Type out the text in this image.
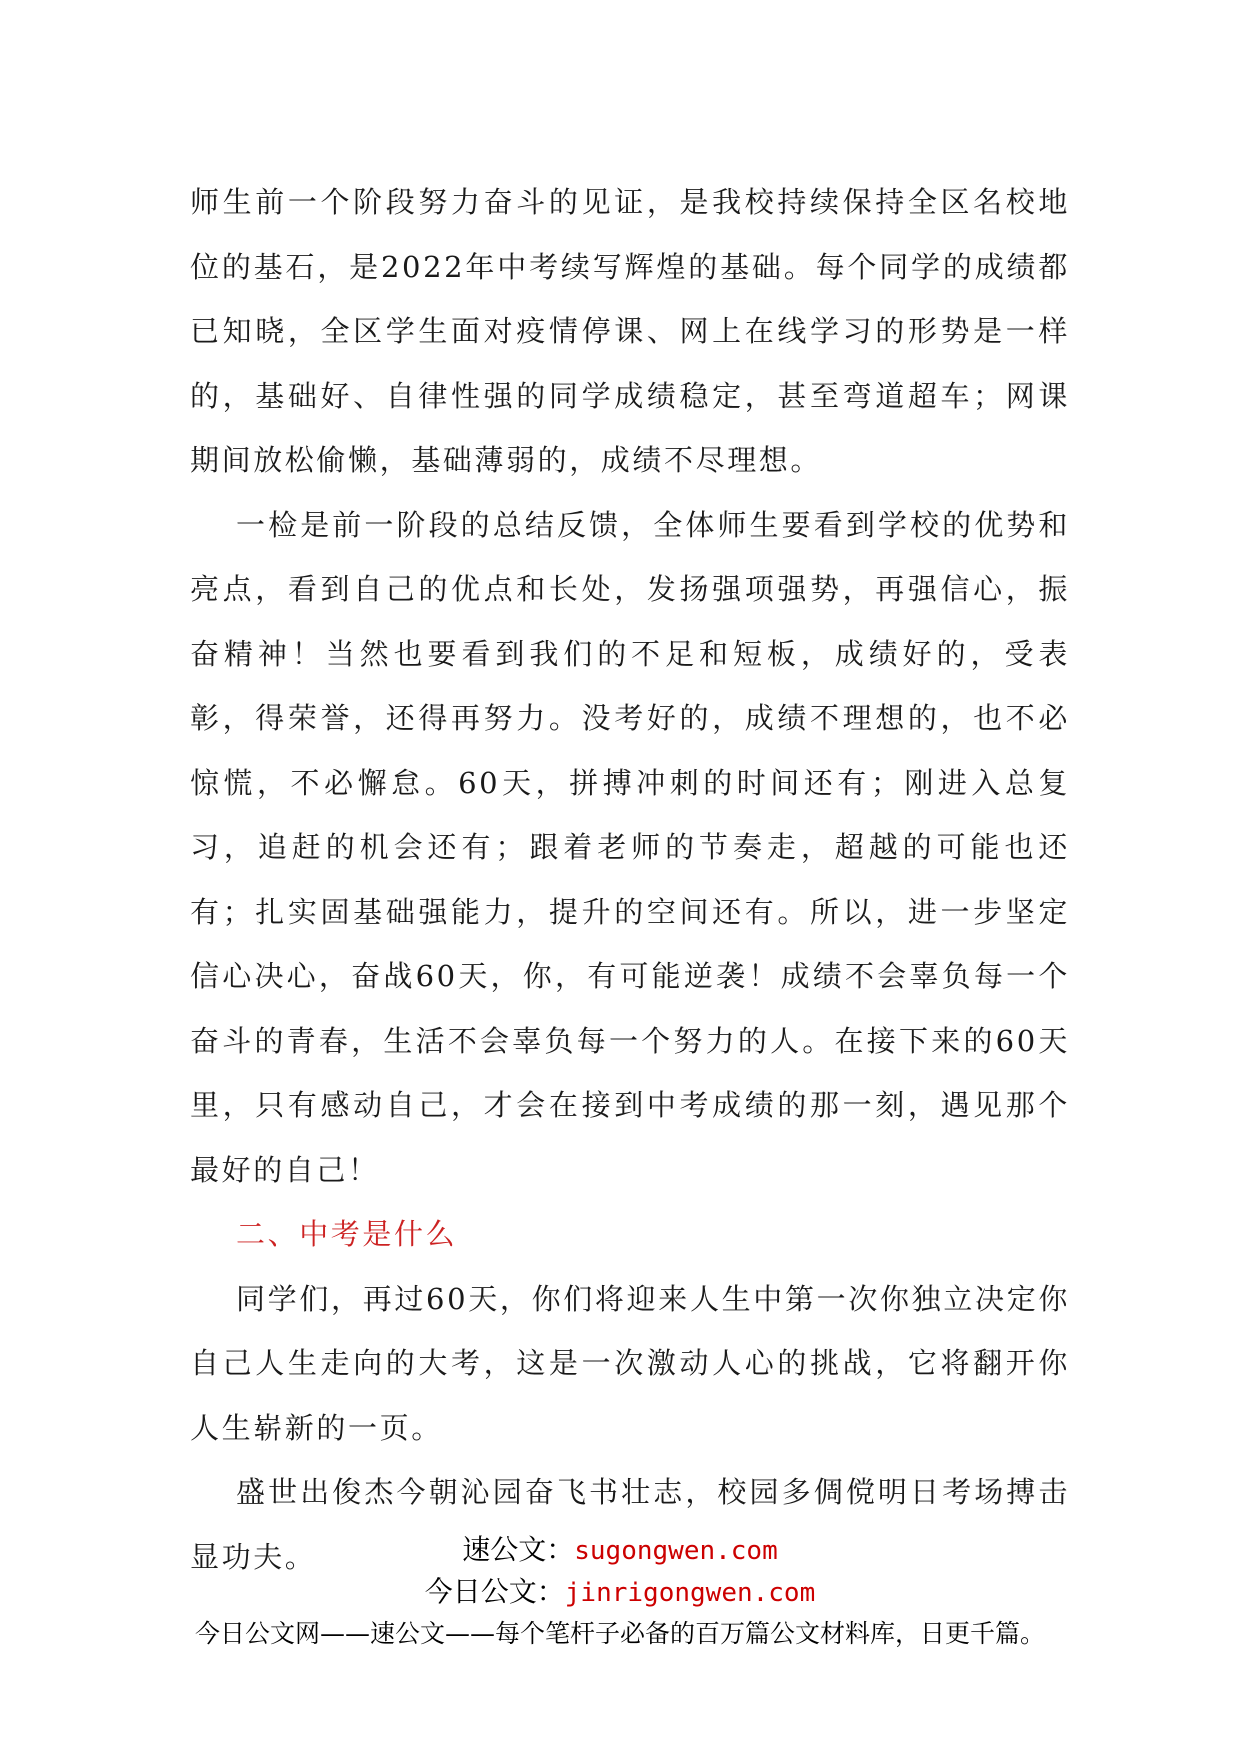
师生前一个阶段努力奋斗的见证，是我校持续保持全区名校地位的基石，是2022年中考续写辉煌的基础。每个同学的成绩都已知晓，全区学生面对疫情停课、网上在线学习的形势是一样的，基础好、自律性强的同学成绩稳定，甚至弯道超车；网课期间放松偷懒，基础薄弱的，成绩不尽理想。

一检是前一阶段的总结反馈，全体师生要看到学校的优势和亮点，看到自己的优点和长处，发扬强项强势，再强信心，振奋精神！当然也要看到我们的不足和短板，成绩好的，受表彰，得荣誉，还得再努力。没考好的，成绩不理想的，也不必惊慌，不必懈怠。60天，拼搏冲刺的时间还有；刚进入总复习，追赶的机会还有；跟着老师的节奏走，超越的可能也还有；扎实固基础强能力，提升的空间还有。所以，进一步坚定信心决心，奋战60天，你，有可能逆袭！成绩不会辜负每一个奋斗的青春，生活不会辜负每一个努力的人。在接下来的60天里，只有感动自己，才会在接到中考成绩的那一刻，遇见那个最好的自己！

二、中考是什么

同学们，再过60天，你们将迎来人生中第一次你独立决定你自己人生走向的大考，这是一次激动人心的挑战，它将翻开你人生崭新的一页。

盛世出俊杰今朝沁园奋飞书壮志，校园多倜傥明日考场搏击显功夫。	速公文：sugongwen.com
今日公文：jinrigongwen.com
今日公文网——速公文——每个笔杆子必备的百万篇公文材料库，日更千篇。
